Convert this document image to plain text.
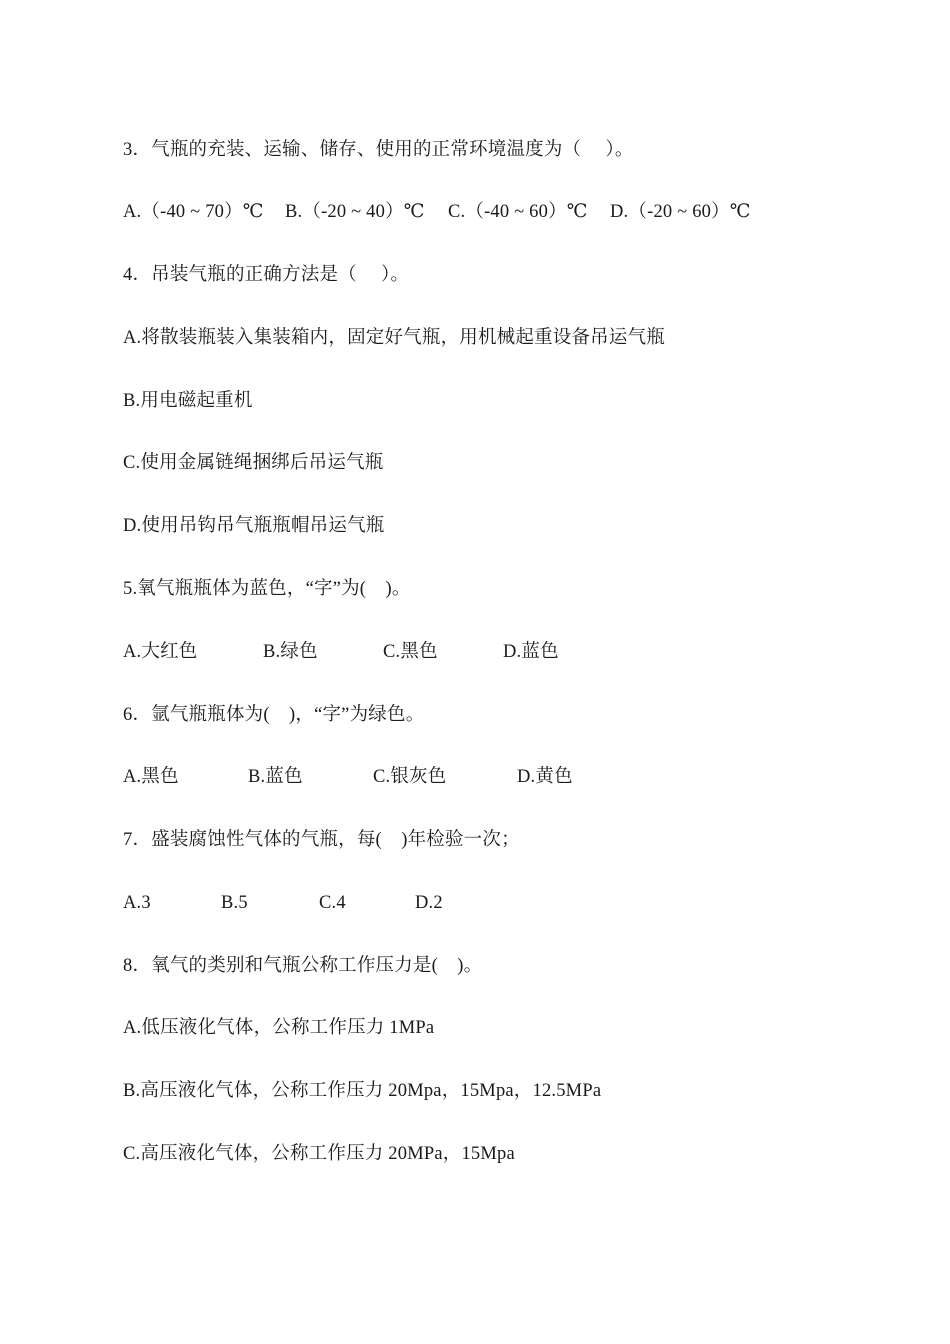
3．气瓶的充装、运输、储存、使用的正常环境温度为（     ）。

A.（-40 ~ 70）℃

B.（-20 ~ 40）℃

C.（-40 ~ 60）℃

D.（-20 ~ 60）℃

4．吊装气瓶的正确方法是（     ）。
A.将散装瓶装入集装箱内，固定好气瓶，用机械起重设备吊运气瓶
B.用电磁起重机
C.使用金属链绳捆绑后吊运气瓶
D.使用吊钩吊气瓶瓶帽吊运气瓶
5.氧气瓶瓶体为蓝色，“字”为(    )。

A.大红色

	B.绿色

	C.黑色

	D.蓝色

6．氩气瓶瓶体为(    )，“字”为绿色。

A.黑色

	B.蓝色

	C.银灰色

	D.黄色

7．盛装腐蚀性气体的气瓶，每(    )年检验一次；

A.3

	B.5

	C.4

	D.2

8．氧气的类别和气瓶公称工作压力是(    )。
A.低压液化气体，公称工作压力 1MPa
B.高压液化气体，公称工作压力 20Mpa，15Mpa，12.5MPa
C.高压液化气体，公称工作压力 20MPa，15Mpa
